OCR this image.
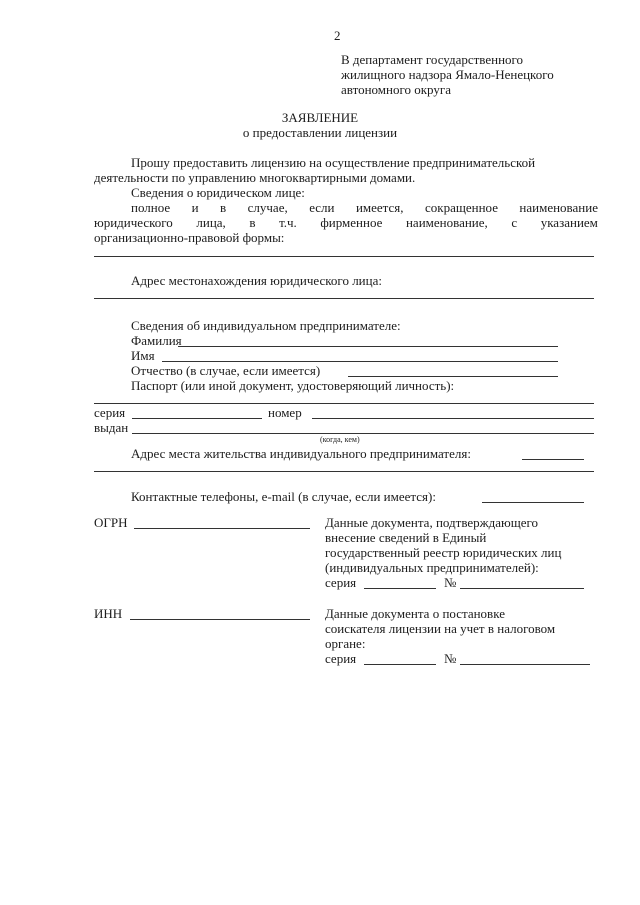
2
В департамент государственного
жилищного надзора Ямало-Ненецкого
автономного округа
ЗАЯВЛЕНИЕ
о предоставлении лицензии
Прошу предоставить лицензию на осуществление предпринимательской
деятельности по управлению многоквартирными домами.
Сведения о юридическом лице:
полное и в случае, если имеется, сокращенное наименование
юридического лица, в т.ч. фирменное наименование, с указанием
организационно-правовой формы:
Адрес местонахождения юридического лица:
Сведения об индивидуальном предпринимателе:
Фамилия
Имя
Отчество (в случае, если имеется)
Паспорт (или иной документ, удостоверяющий личность):
серия	номер
выдан
(когда, кем)
Адрес места жительства индивидуального предпринимателя:
Контактные телефоны, e-mail (в случае, если имеется):
ОГРН	Данные документа, подтверждающего
внесение сведений в Единый
государственный реестр юридических лиц
(индивидуальных предпринимателей):
серия	№
ИНН	Данные документа о постановке
соискателя лицензии на учет в налоговом
органе:
серия	№
